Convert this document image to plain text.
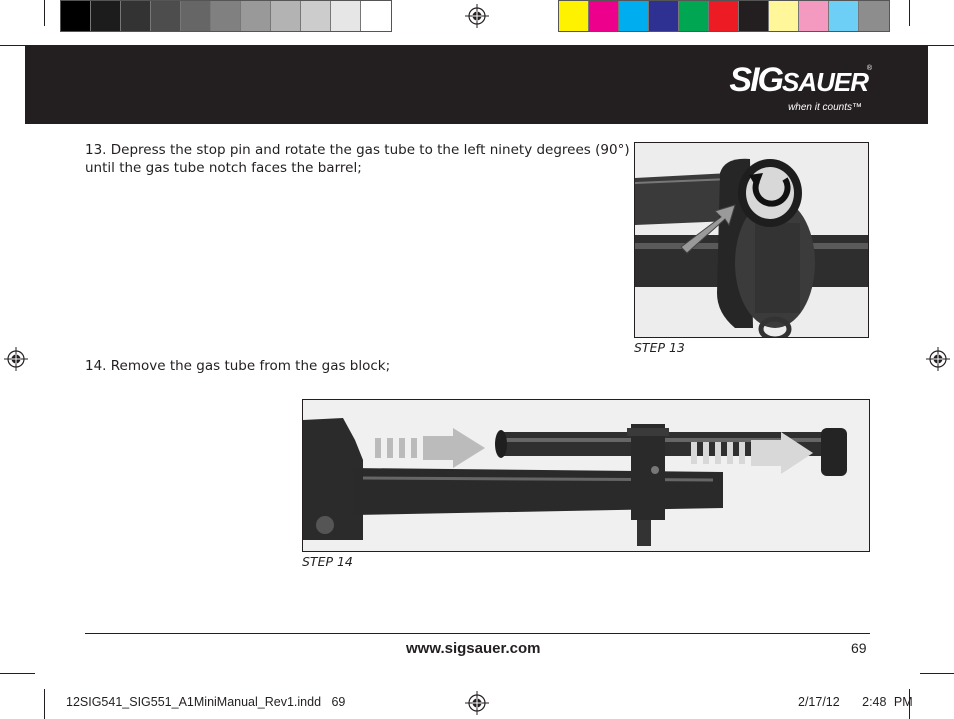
SIGSAUER
®
when it counts™
13. Depress the stop pin and rotate the gas tube to the left ninety degrees (90°)
until the gas tube notch faces the barrel;
STEP 13
14. Remove the gas tube from the gas block;
STEP 14
www.sigsauer.com	69
12SIG541_SIG551_A1MiniManual_Rev1.indd   69	2/17/12   2:48 PM
